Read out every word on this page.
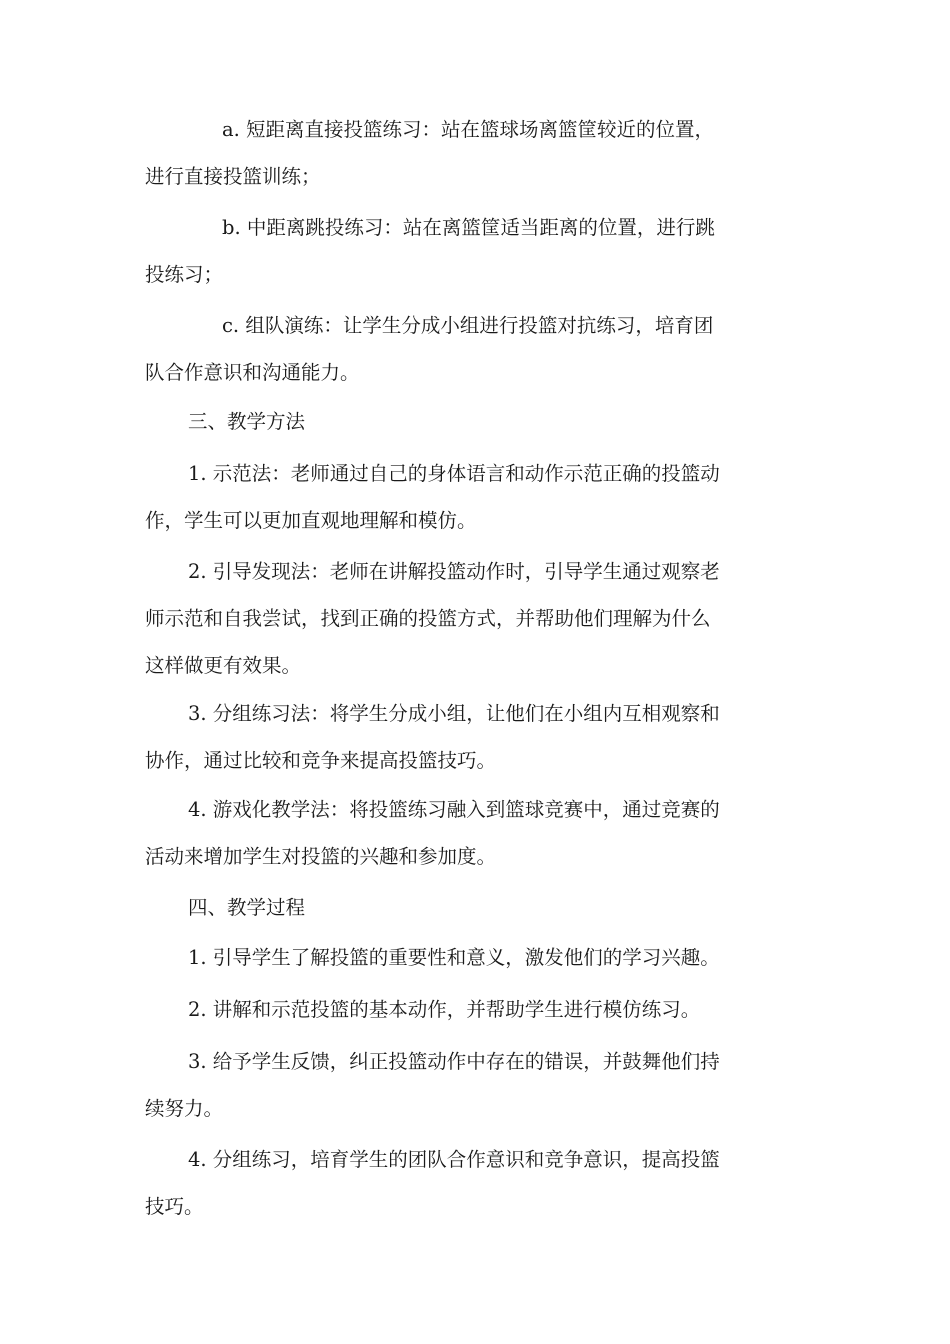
a. 短距离直接投篮练习：站在篮球场离篮筐较近的位置，
进行直接投篮训练；
b. 中距离跳投练习：站在离篮筐适当距离的位置，进行跳
投练习；
c. 组队演练：让学生分成小组进行投篮对抗练习，培育团
队合作意识和沟通能力。
三、教学方法
1. 示范法：老师通过自己的身体语言和动作示范正确的投篮动
作，学生可以更加直观地理解和模仿。
2. 引导发现法：老师在讲解投篮动作时，引导学生通过观察老
师示范和自我尝试，找到正确的投篮方式，并帮助他们理解为什么
这样做更有效果。
3. 分组练习法：将学生分成小组，让他们在小组内互相观察和
协作，通过比较和竞争来提高投篮技巧。
4. 游戏化教学法：将投篮练习融入到篮球竞赛中，通过竞赛的
活动来增加学生对投篮的兴趣和参加度。
四、教学过程
1. 引导学生了解投篮的重要性和意义，激发他们的学习兴趣。
2. 讲解和示范投篮的基本动作，并帮助学生进行模仿练习。
3. 给予学生反馈，纠正投篮动作中存在的错误，并鼓舞他们持
续努力。
4. 分组练习，培育学生的团队合作意识和竞争意识，提高投篮
技巧。
